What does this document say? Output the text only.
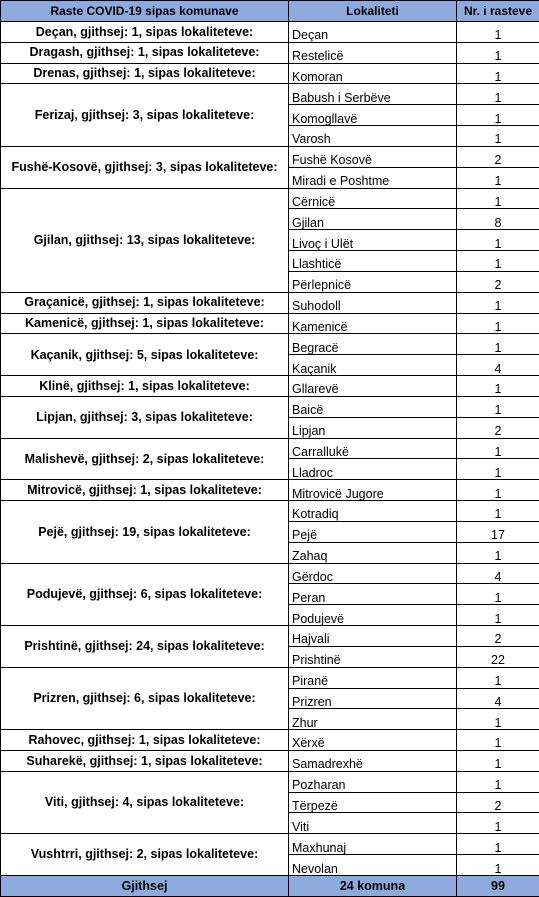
Raste COVID-19 sipas komunave	Lokaliteti	Nr. i rasteve
Deçan, gjithsej: 1, sipas lokaliteteve:	Deçan	1
Dragash, gjithsej: 1, sipas lokaliteteve:	Restelicë	1
Drenas, gjithsej: 1, sipas lokaliteteve:	Komoran	1
Ferizaj, gjithsej: 3, sipas lokaliteteve:	Babush i Serbëve	1
	Komogllavë	1
	Varosh	1
Fushë-Kosovë, gjithsej: 3, sipas lokaliteteve:	Fushë Kosovë	2
	Miradi e Poshtme	1
Gjilan, gjithsej: 13, sipas lokaliteteve:	Cërnicë	1
	Gjilan	8
	Livoç i Ulët	1
	Llashticë	1
	Përlepnicë	2
Graçanicë, gjithsej: 1, sipas lokaliteteve:	Suhodoll	1
Kamenicë, gjithsej: 1, sipas lokaliteteve:	Kamenicë	1
Kaçanik, gjithsej: 5, sipas lokaliteteve:	Begracë	1
	Kaçanik	4
Klinë, gjithsej: 1, sipas lokaliteteve:	Gllarevë	1
Lipjan, gjithsej: 3, sipas lokaliteteve:	Baicë	1
	Lipjan	2
Malishevë, gjithsej: 2, sipas lokaliteteve:	Carrallukë	1
	Lladroc	1
Mitrovicë, gjithsej: 1, sipas lokaliteteve:	Mitrovicë Jugore	1
Pejë, gjithsej: 19, sipas lokaliteteve:	Kotradiq	1
	Pejë	17
	Zahaq	1
Podujevë, gjithsej: 6, sipas lokaliteteve:	Gërdoc	4
	Peran	1
	Podujevë	1
Prishtinë, gjithsej: 24, sipas lokaliteteve:	Hajvali	2
	Prishtinë	22
Prizren, gjithsej: 6, sipas lokaliteteve:	Piranë	1
	Prizren	4
	Zhur	1
Rahovec, gjithsej: 1, sipas lokaliteteve:	Xërxë	1
Suharekë, gjithsej: 1, sipas lokaliteteve:	Samadrexhë	1
Viti, gjithsej: 4, sipas lokaliteteve:	Pozharan	1
	Tërpezë	2
	Viti	1
Vushtrri, gjithsej: 2, sipas lokaliteteve:	Maxhunaj	1
	Nevolan	1
Gjithsej	24 komuna	99
